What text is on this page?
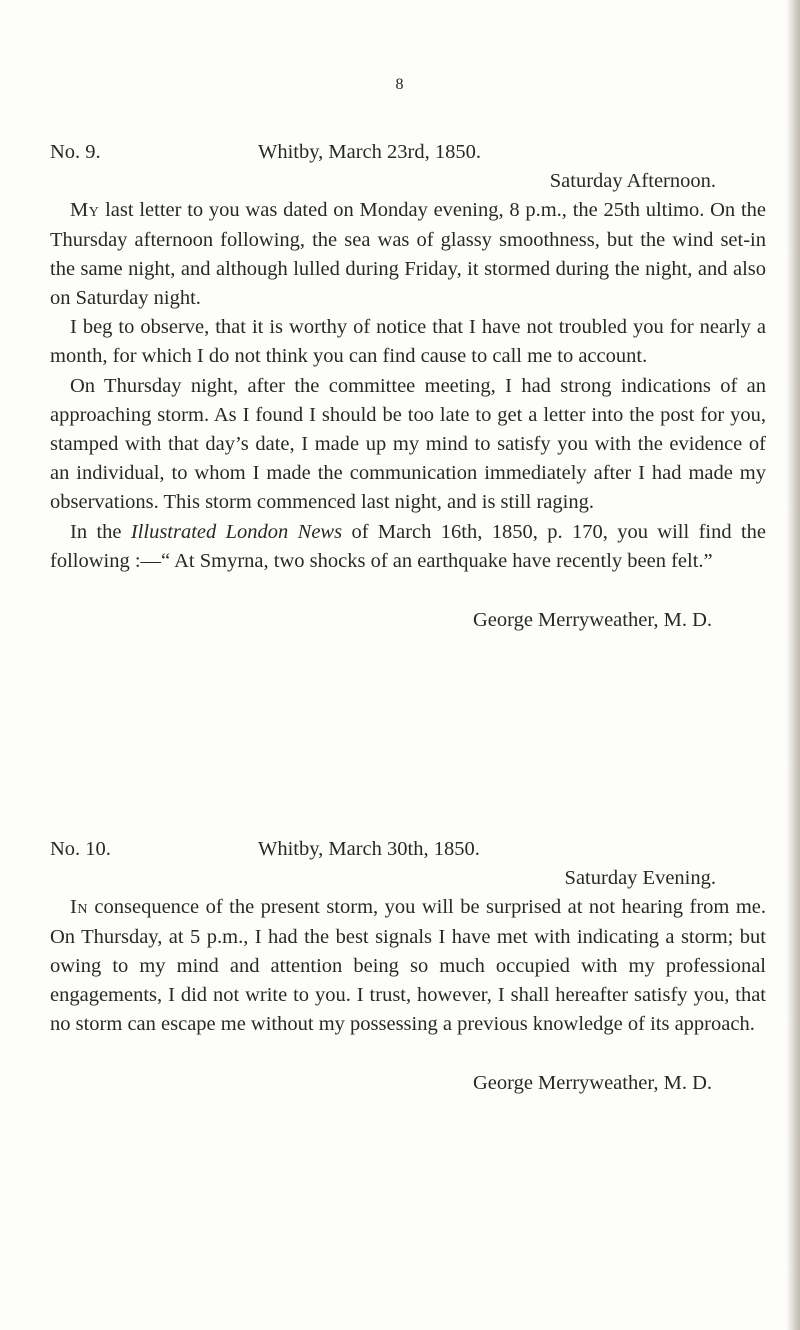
8
No. 9.	Whitby, March 23rd, 1850.
Saturday Afternoon.

My last letter to you was dated on Monday evening, 8 p.m., the 25th ultimo. On the Thursday afternoon following, the sea was of glassy smoothness, but the wind set-in the same night, and although lulled during Friday, it stormed during the night, and also on Saturday night.

I beg to observe, that it is worthy of notice that I have not troubled you for nearly a month, for which I do not think you can find cause to call me to account.

On Thursday night, after the committee meeting, I had strong indications of an approaching storm. As I found I should be too late to get a letter into the post for you, stamped with that day’s date, I made up my mind to satisfy you with the evidence of an individual, to whom I made the communication immediately after I had made my observations. This storm commenced last night, and is still raging.

In the Illustrated London News of March 16th, 1850, p. 170, you will find the following :—“ At Smyrna, two shocks of an earthquake have recently been felt.”

George Merryweather, M. D.
No. 10.	Whitby, March 30th, 1850.
Saturday Evening.

In consequence of the present storm, you will be surprised at not hearing from me. On Thursday, at 5 p.m., I had the best signals I have met with indicating a storm; but owing to my mind and attention being so much occupied with my professional engagements, I did not write to you. I trust, however, I shall hereafter satisfy you, that no storm can escape me without my possessing a previous knowledge of its approach.

George Merryweather, M. D.
